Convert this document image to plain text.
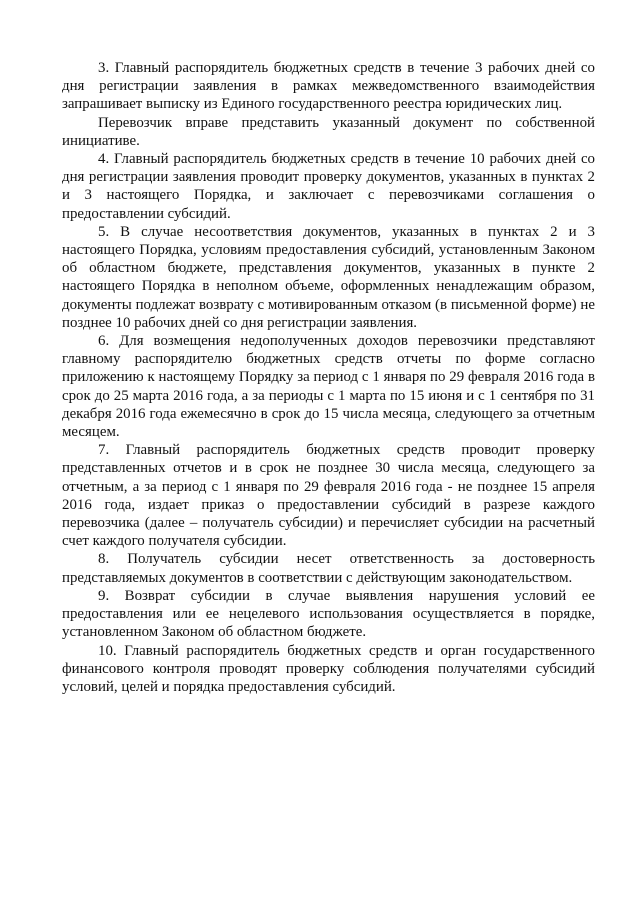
3. Главный распорядитель бюджетных средств в течение 3 рабочих дней со дня регистрации заявления в рамках межведомственного взаимодействия запрашивает выписку из Единого государственного реестра юридических лиц.

Перевозчик вправе представить указанный документ по собственной инициативе.

4. Главный распорядитель бюджетных средств в течение 10 рабочих дней со дня регистрации заявления проводит проверку документов, указанных в пунктах 2 и 3 настоящего Порядка, и заключает с перевозчиками соглашения о предоставлении субсидий.

5. В случае несоответствия документов, указанных в пунктах 2 и 3 настоящего Порядка, условиям предоставления субсидий, установленным Законом об областном бюджете, представления документов, указанных в пункте 2 настоящего Порядка в неполном объеме, оформленных ненадлежащим образом, документы подлежат возврату с мотивированным отказом (в письменной форме) не позднее 10 рабочих дней со дня регистрации заявления.

6. Для возмещения недополученных доходов перевозчики представляют главному распорядителю бюджетных средств отчеты по форме согласно приложению к настоящему Порядку за период с 1 января по 29 февраля 2016 года в срок до 25 марта 2016 года, а за периоды с 1 марта по 15 июня и с 1 сентября по 31 декабря 2016 года ежемесячно в срок до 15 числа месяца, следующего за отчетным месяцем.

7. Главный распорядитель бюджетных средств проводит проверку представленных отчетов и в срок не позднее 30 числа месяца, следующего за отчетным, а за период с 1 января по 29 февраля 2016 года - не позднее 15 апреля 2016 года, издает приказ о предоставлении субсидий в разрезе каждого перевозчика (далее – получатель субсидии) и перечисляет субсидии на расчетный счет каждого получателя субсидии.

8. Получатель субсидии несет ответственность за достоверность представляемых документов в соответствии с действующим законодательством.

9. Возврат субсидии в случае выявления нарушения условий ее предоставления или ее нецелевого использования осуществляется в порядке, установленном Законом об областном бюджете.

10. Главный распорядитель бюджетных средств и орган государственного финансового контроля проводят проверку соблюдения получателями субсидий условий, целей и порядка предоставления субсидий.
